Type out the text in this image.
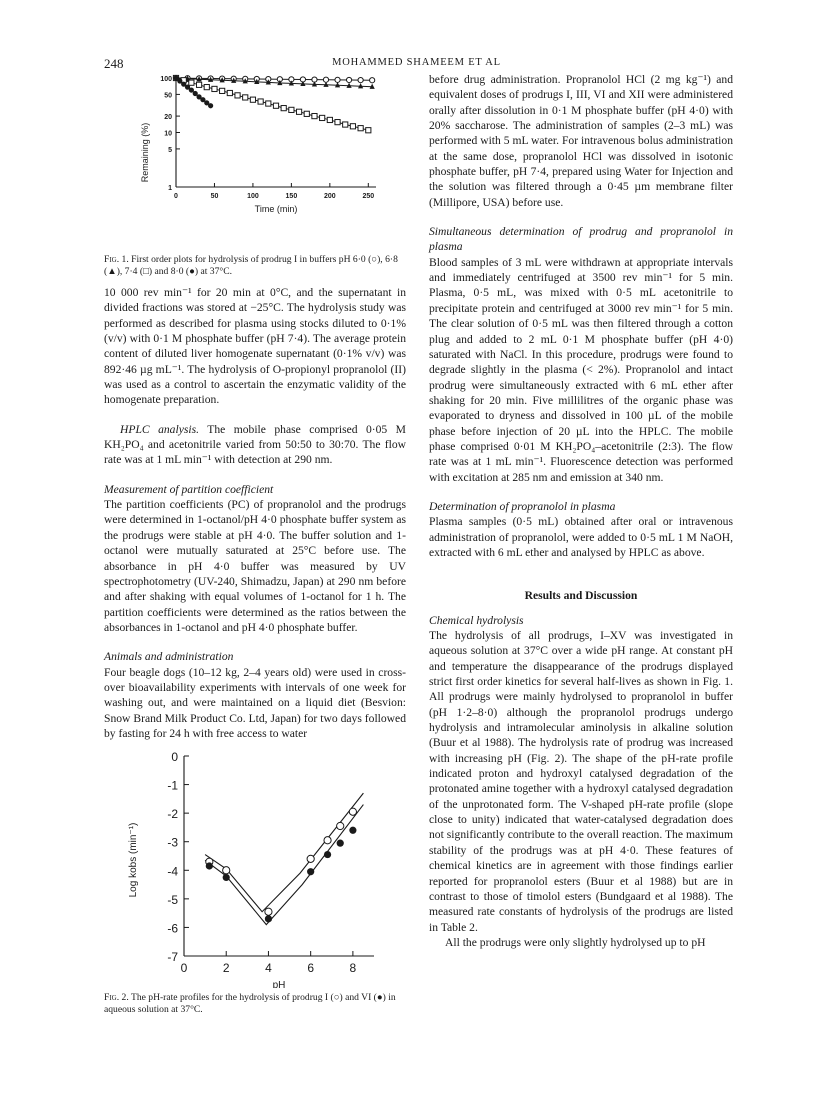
248	MOHAMMED SHAMEEM ET AL
1
5
10
20
50
100
0	50	100	150	200	250
Time (min)
Remaining (%)
Fig. 1. First order plots for hydrolysis of prodrug I in buffers pH 6·0 (○), 6·8 (▲), 7·4 (□) and 8·0 (●) at 37°C.

10 000 rev min⁻¹ for 20 min at 0°C, and the supernatant in divided fractions was stored at −25°C. The hydrolysis study was performed as described for plasma using stocks diluted to 0·1% (v/v) with 0·1 M phosphate buffer (pH 7·4). The average protein content of diluted liver homogenate supernatant (0·1% v/v) was 892·46 µg mL⁻¹. The hydrolysis of O-propionyl propranolol (II) was used as a control to ascertain the enzymatic validity of the homogenate preparation.

HPLC analysis. The mobile phase comprised 0·05 M KH₂PO₄ and acetonitrile varied from 50:50 to 30:70. The flow rate was at 1 mL min⁻¹ with detection at 290 nm.

Measurement of partition coefficient

The partition coefficients (PC) of propranolol and the prodrugs were determined in 1-octanol/pH 4·0 phosphate buffer system as the prodrugs were stable at pH 4·0. The buffer solution and 1-octanol were mutually saturated at 25°C before use. The absorbance in pH 4·0 buffer was measured by UV spectrophotometry (UV-240, Shimadzu, Japan) at 290 nm before and after shaking with equal volumes of 1-octanol for 1 h. The partition coefficients were determined as the ratios between the absorbances in 1-octanol and pH 4·0 phosphate buffer.

Animals and administration

Four beagle dogs (10–12 kg, 2–4 years old) were used in cross-over bioavailability experiments with intervals of one week for washing out, and were maintained on a liquid diet (Besvion: Snow Brand Milk Product Co. Ltd, Japan) for two days followed by fasting for 24 h with free access to water

0
-1
-2
-3
-4
-5
-6
-7
0	2	4	6	8
pH
Log kobs (min⁻¹)
Fig. 2. The pH-rate profiles for the hydrolysis of prodrug I (○) and VI (●) in aqueous solution at 37°C.

before drug administration. Propranolol HCl (2 mg kg⁻¹) and equivalent doses of prodrugs I, III, VI and XII were administered orally after dissolution in 0·1 M phosphate buffer (pH 4·0) with 20% saccharose. The administration of samples (2–3 mL) was performed with 5 mL water. For intravenous bolus administration at the same dose, propranolol HCl was dissolved in isotonic phosphate buffer, pH 7·4, prepared using Water for Injection and the solution was filtered through a 0·45 µm membrane filter (Millipore, USA) before use.

Simultaneous determination of prodrug and propranolol in plasma

Blood samples of 3 mL were withdrawn at appropriate intervals and immediately centrifuged at 3500 rev min⁻¹ for 5 min. Plasma, 0·5 mL, was mixed with 0·5 mL acetonitrile to precipitate protein and centrifuged at 3000 rev min⁻¹ for 5 min. The clear solution of 0·5 mL was then filtered through a cotton plug and added to 2 mL 0·1 M phosphate buffer (pH 4·0) saturated with NaCl. In this procedure, prodrugs were found to degrade slightly in the plasma (< 2%). Propranolol and intact prodrug were simultaneously extracted with 6 mL ether after shaking for 20 min. Five millilitres of the organic phase was evaporated to dryness and dissolved in 100 µL of the mobile phase before injection of 20 µL into the HPLC. The mobile phase comprised 0·01 M KH₂PO₄–acetonitrile (2:3). The flow rate was at 1 mL min⁻¹. Fluorescence detection was performed with excitation at 285 nm and emission at 340 nm.

Determination of propranolol in plasma

Plasma samples (0·5 mL) obtained after oral or intravenous administration of propranolol, were added to 0·5 mL 1 M NaOH, extracted with 6 mL ether and analysed by HPLC as above.

Results and Discussion

Chemical hydrolysis

The hydrolysis of all prodrugs, I–XV was investigated in aqueous solution at 37°C over a wide pH range. At constant pH and temperature the disappearance of the prodrugs displayed strict first order kinetics for several half-lives as shown in Fig. 1. All prodrugs were mainly hydrolysed to propranolol in buffer (pH 1·2–8·0) although the propranolol prodrugs undergo hydrolysis and intramolecular aminolysis in alkaline solution (Buur et al 1988). The hydrolysis rate of prodrug was increased with increasing pH (Fig. 2). The shape of the pH-rate profile indicated proton and hydroxyl catalysed degradation of the protonated amine together with a hydroxyl catalysed degradation of the unprotonated form. The V-shaped pH-rate profile (slope close to unity) indicated that water-catalysed degradation does not significantly contribute to the overall reaction. The maximum stability of the prodrugs was at pH 4·0. These features of chemical kinetics are in agreement with those findings earlier reported for propranolol esters (Buur et al 1988) but are in contrast to those of timolol esters (Bundgaard et al 1988). The measured rate constants of hydrolysis of the prodrugs are listed in Table 2.

All the prodrugs were only slightly hydrolysed up to pH
